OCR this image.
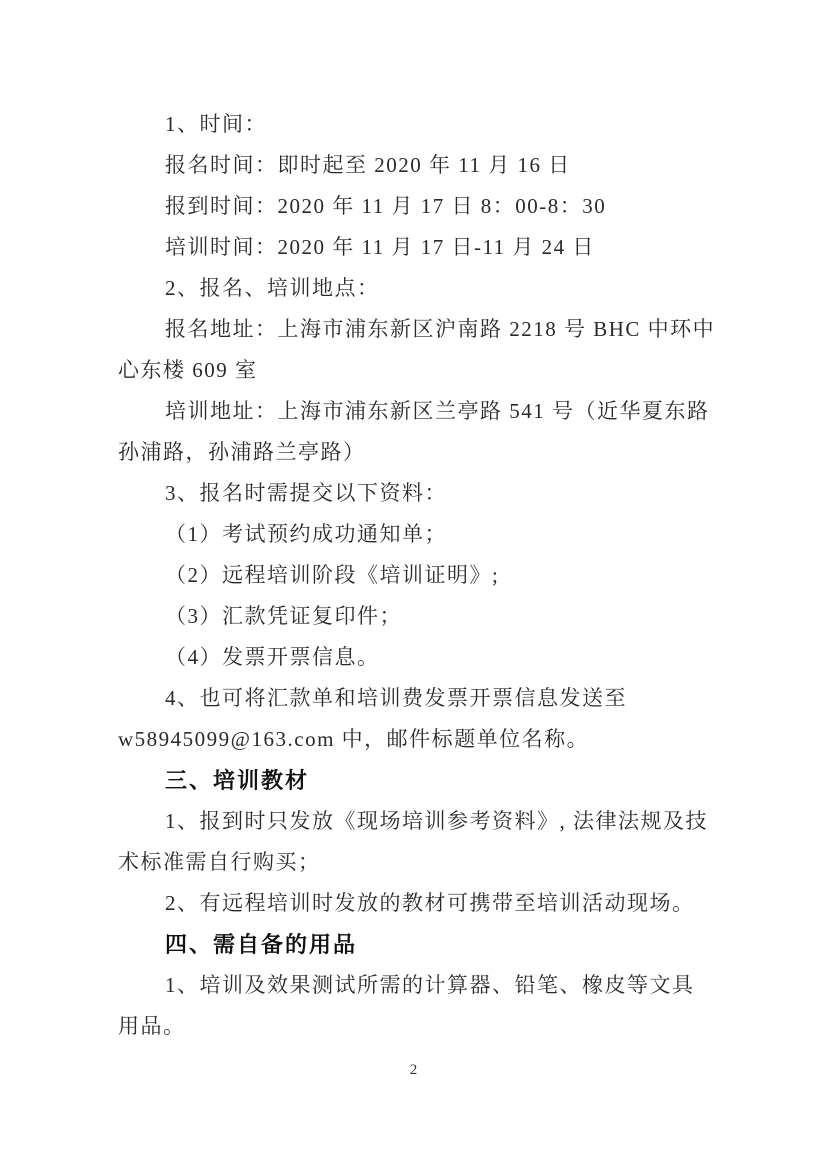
1、时间：
报名时间：即时起至 2020 年 11 月 16 日
报到时间：2020 年 11 月 17 日 8：00-8：30
培训时间：2020 年 11 月 17 日-11 月 24 日
2、报名、培训地点：
报名地址：上海市浦东新区沪南路 2218 号 BHC 中环中
心东楼 609 室
培训地址：上海市浦东新区兰亭路 541 号（近华夏东路
孙浦路，孙浦路兰亭路）
3、报名时需提交以下资料：
（1）考试预约成功通知单；
（2）远程培训阶段《培训证明》;
（3）汇款凭证复印件；
（4）发票开票信息。
4、也可将汇款单和培训费发票开票信息发送至
w58945099@163.com 中，邮件标题单位名称。
三、培训教材
1、报到时只发放《现场培训参考资料》, 法律法规及技
术标准需自行购买；
2、有远程培训时发放的教材可携带至培训活动现场。
四、需自备的用品
1、培训及效果测试所需的计算器、铅笔、橡皮等文具
用品。
2
